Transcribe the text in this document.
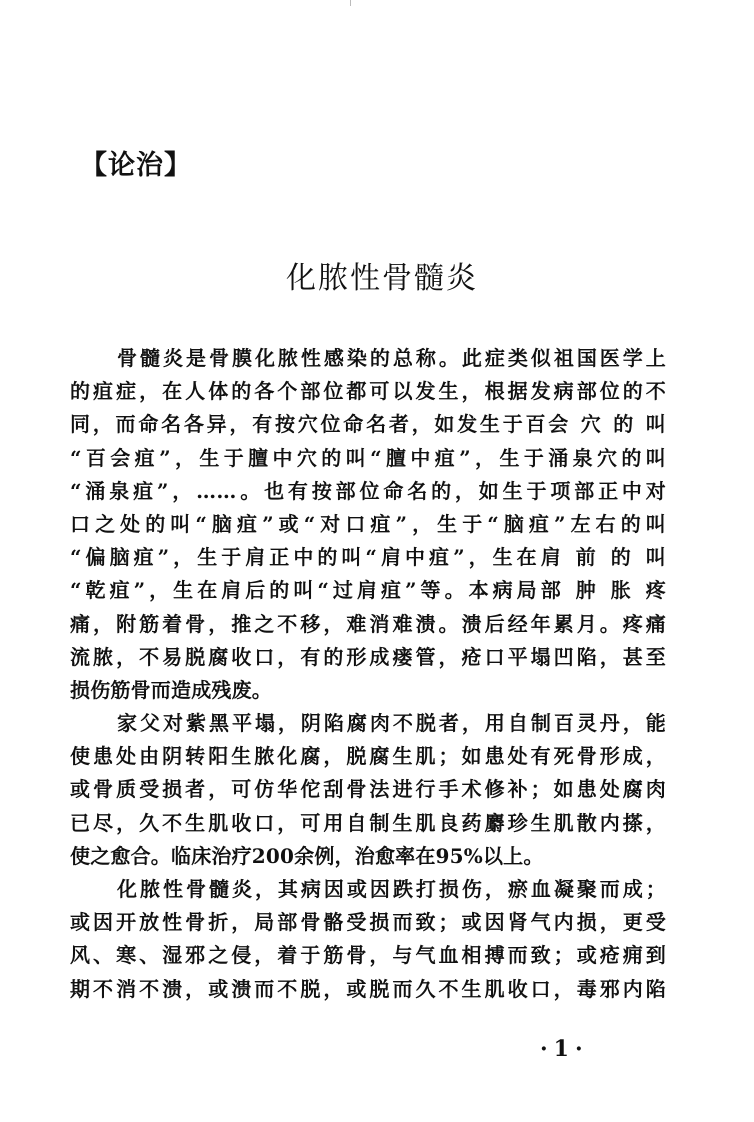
【论治】
化脓性骨髓炎
骨髓炎是骨膜化脓性感染的总称。此症类似祖国医学上
的疽症，在人体的各个部位都可以发生，根据发病部位的不
同，而命名各异，有按穴位命名者，如发生于百会 穴 的 叫
“百会疽”，生于膻中穴的叫“膻中疽”，生于涌泉穴的叫
“涌泉疽”，……。也有按部位命名的，如生于项部正中对
口之处的叫“脑疽”或“对口疽”，生于“脑疽”左右的叫
“偏脑疽”，生于肩正中的叫“肩中疽”，生在肩 前 的 叫
“乾疽”，生在肩后的叫“过肩疽”等。本病局部 肿 胀 疼
痛，附筋着骨，推之不移，难消难溃。溃后经年累月。疼痛
流脓，不易脱腐收口，有的形成瘘管，疮口平塌凹陷，甚至
损伤筋骨而造成残废。
家父对紫黑平塌，阴陷腐肉不脱者，用自制百灵丹，能
使患处由阴转阳生脓化腐，脱腐生肌；如患处有死骨形成，
或骨质受损者，可仿华佗刮骨法进行手术修补；如患处腐肉
已尽，久不生肌收口，可用自制生肌良药麝珍生肌散内搽，
使之愈合。临床治疗200余例，治愈率在95%以上。
化脓性骨髓炎，其病因或因跌打损伤，瘀血凝聚而成；
或因开放性骨折，局部骨骼受损而致；或因肾气内损，更受
风、寒、湿邪之侵，着于筋骨，与气血相搏而致；或疮痈到
期不消不溃，或溃而不脱，或脱而久不生肌收口，毒邪内陷
·1·
